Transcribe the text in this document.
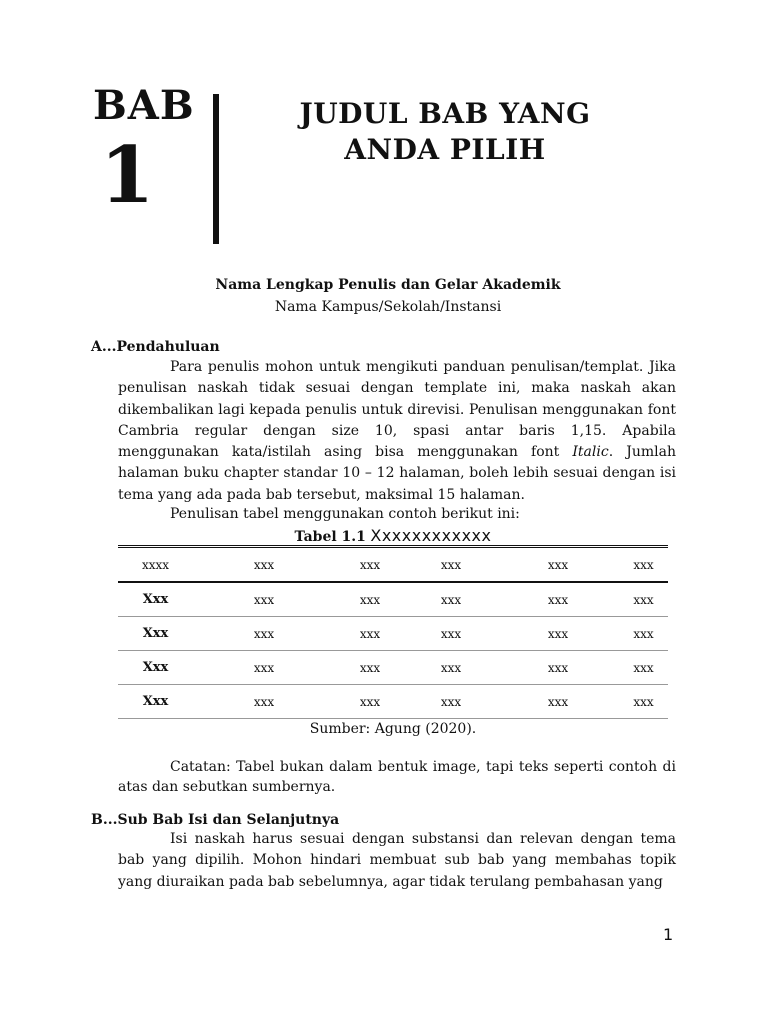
BAB
1
JUDUL BAB YANG
ANDA PILIH
Nama Lengkap Penulis dan Gelar Akademik
Nama Kampus/Sekolah/Instansi
A...Pendahuluan

Para penulis mohon untuk mengikuti panduan penulisan/templat. Jika penulisan naskah tidak sesuai dengan template ini, maka naskah akan dikembalikan lagi kepada penulis untuk direvisi. Penulisan menggunakan font Cambria regular dengan size 10, spasi antar baris 1,15. Apabila menggunakan kata/istilah asing bisa menggunakan font Italic. Jumlah halaman buku chapter standar 10 – 12 halaman, boleh lebih sesuai dengan isi tema yang ada pada bab tersebut, maksimal 15 halaman.

Penulisan tabel menggunakan contoh berikut ini:

Tabel 1.1 Xxxxxxxxxxxx
xxxx	xxx	xxx	xxx	xxx	xxx
Xxx	xxx	xxx	xxx	xxx	xxx
Xxx	xxx	xxx	xxx	xxx	xxx
Xxx	xxx	xxx	xxx	xxx	xxx
Xxx	xxx	xxx	xxx	xxx	xxx
Sumber: Agung (2020).

Catatan: Tabel bukan dalam bentuk image, tapi teks seperti contoh di atas dan sebutkan sumbernya.

B...Sub Bab Isi dan Selanjutnya

Isi naskah harus sesuai dengan substansi dan relevan dengan tema bab yang dipilih. Mohon hindari membuat sub bab yang membahas topik yang diuraikan pada bab sebelumnya, agar tidak terulang pembahasan yang

1
